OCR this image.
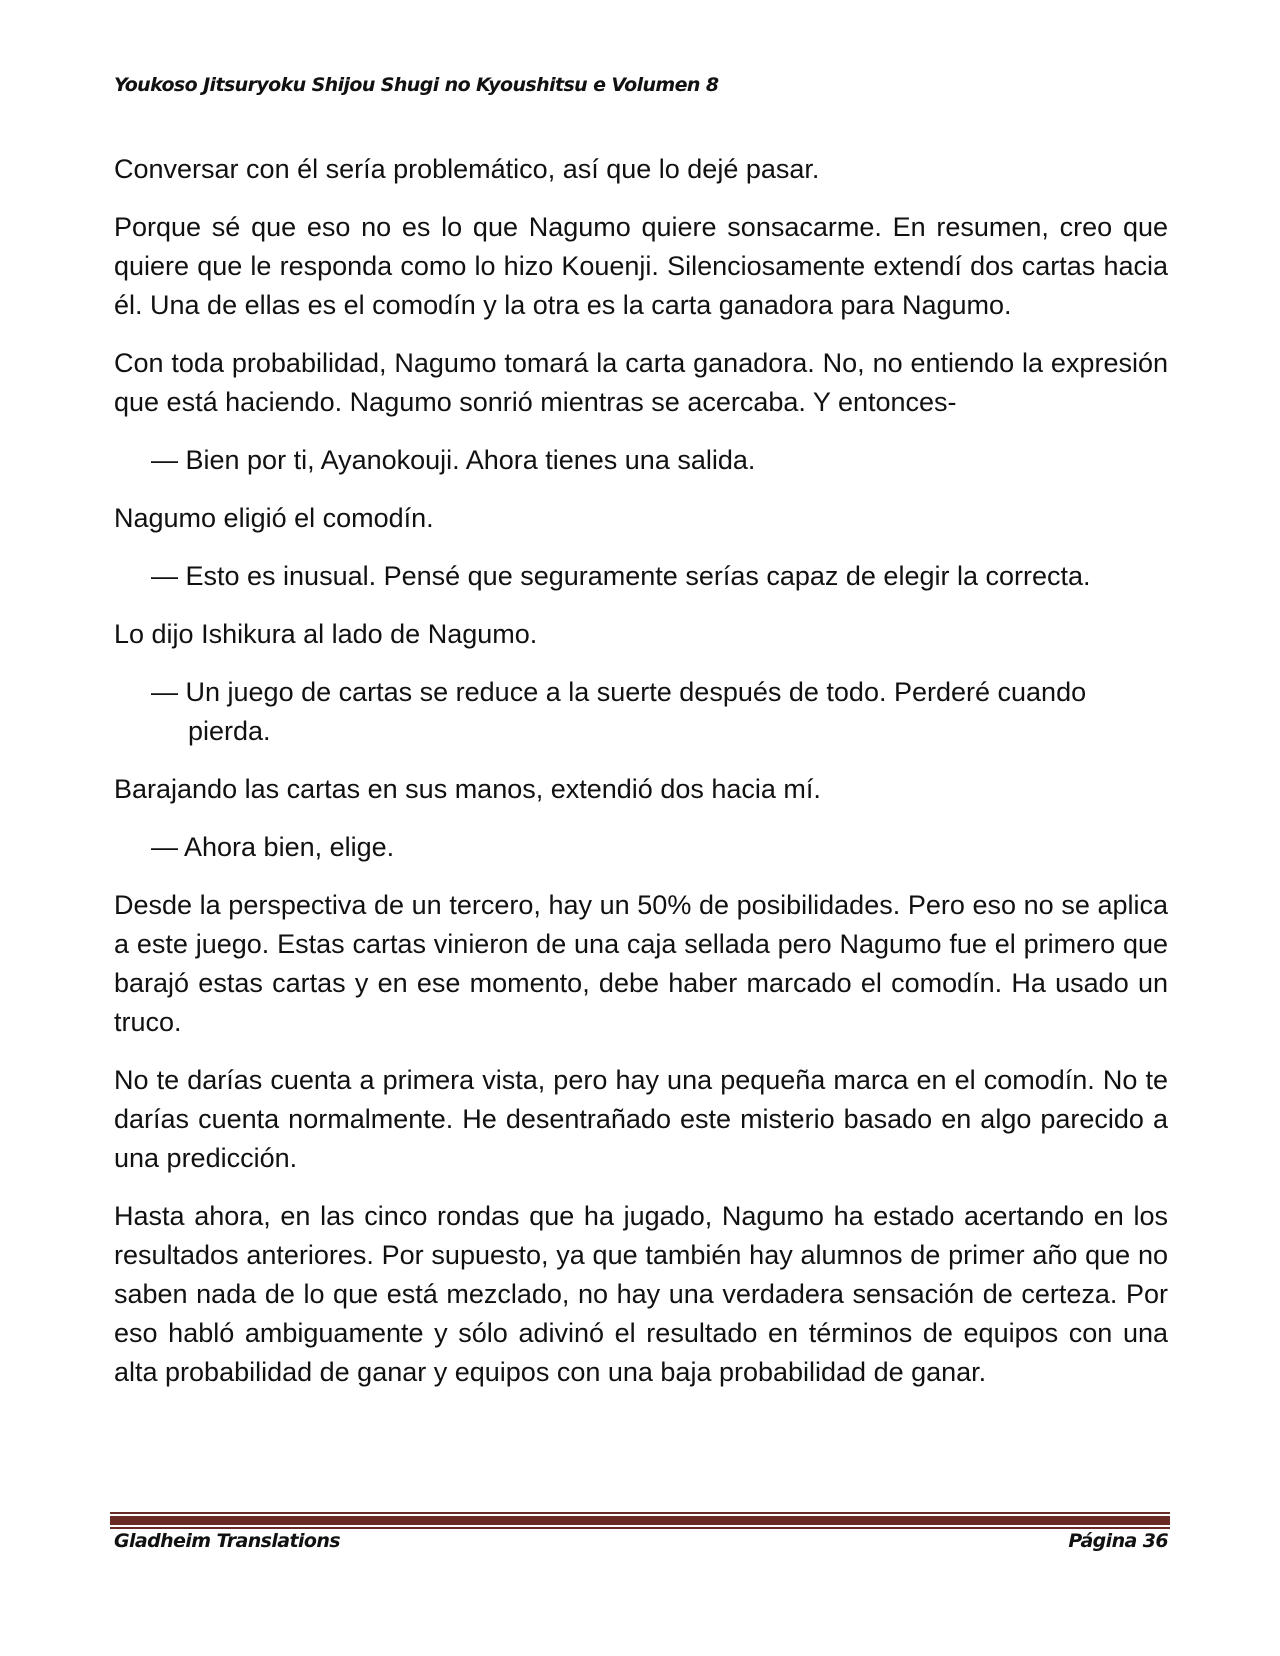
Youkoso Jitsuryoku Shijou Shugi no Kyoushitsu e Volumen 8

Conversar con él sería problemático, así que lo dejé pasar.

Porque sé que eso no es lo que Nagumo quiere sonsacarme. En resumen, creo que quiere que le responda como lo hizo Kouenji. Silenciosamente extendí dos cartas hacia él. Una de ellas es el comodín y la otra es la carta ganadora para Nagumo.

Con toda probabilidad, Nagumo tomará la carta ganadora. No, no entiendo la expresión que está haciendo. Nagumo sonrió mientras se acercaba. Y entonces-

— Bien por ti, Ayanokouji. Ahora tienes una salida.

Nagumo eligió el comodín.

— Esto es inusual. Pensé que seguramente serías capaz de elegir la correcta.

Lo dijo Ishikura al lado de Nagumo.

— Un juego de cartas se reduce a la suerte después de todo. Perderé cuando pierda.

Barajando las cartas en sus manos, extendió dos hacia mí.

— Ahora bien, elige.

Desde la perspectiva de un tercero, hay un 50% de posibilidades. Pero eso no se aplica a este juego. Estas cartas vinieron de una caja sellada pero Nagumo fue el primero que barajó estas cartas y en ese momento, debe haber marcado el comodín. Ha usado un truco.

No te darías cuenta a primera vista, pero hay una pequeña marca en el comodín. No te darías cuenta normalmente. He desentrañado este misterio basado en algo parecido a una predicción.

Hasta ahora, en las cinco rondas que ha jugado, Nagumo ha estado acertando en los resultados anteriores. Por supuesto, ya que también hay alumnos de primer año que no saben nada de lo que está mezclado, no hay una verdadera sensación de certeza. Por eso habló ambiguamente y sólo adivinó el resultado en términos de equipos con una alta probabilidad de ganar y equipos con una baja probabilidad de ganar.

Gladheim Translations	Página 36
